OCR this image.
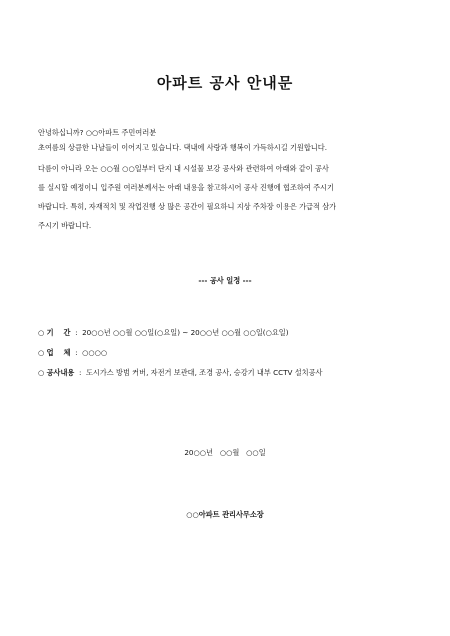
아파트 공사 안내문
안녕하십니까? ○○아파트 주민여러분
초여름의 상큼한 나날들이 이어지고 있습니다. 댁내에 사랑과 행복이 가득하시길 기원합니다.
다름이 아니라 오는 ○○월 ○○일부터 단지 내 시설물 보강 공사와 관련하여 아래와 같이 공사
를 실시할 예정이니 입주원 여러분께서는 아래 내용을 참고하시어 공사 진행에 협조하여 주시기
바랍니다. 특히, 자재적치 및 작업진행 상 많은 공간이 필요하니 지상 주차장 이용은 가급적 삼가
주시기 바랍니다.
--- 공사 일정 ---
○ 기    간  :  20○○년 ○○월 ○○일(○요일) ~ 20○○년 ○○월 ○○일(○요일)
○ 업    체  :  ○○○○
○ 공사내용  :  도시가스 방범 커버, 자전거 보관대, 조경 공사, 승강기 내부 CCTV 설치공사
20○○년   ○○월   ○○일
○○아파트 관리사무소장
